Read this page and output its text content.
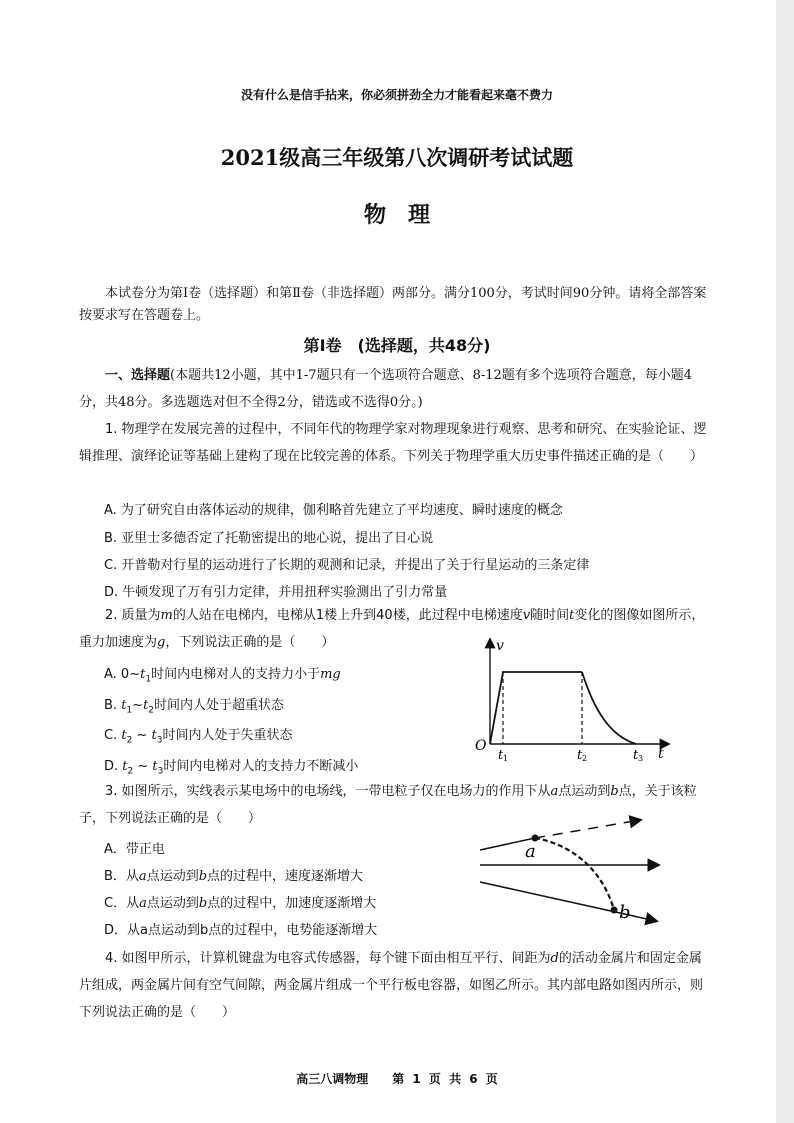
没有什么是信手拈来，你必须拼劲全力才能看起来毫不费力
2021级高三年级第八次调研考试试题
物　理
本试卷分为第Ⅰ卷（选择题）和第Ⅱ卷（非选择题）两部分。满分100分，考试时间90分钟。请将全部答案按要求写在答题卷上。
第Ⅰ卷　(选择题，共48分)
一、选择题(本题共12小题，其中1-7题只有一个选项符合题意、8-12题有多个选项符合题意，每小题4分，共48分。多选题选对但不全得2分，错选或不选得0分。)
1. 物理学在发展完善的过程中，不同年代的物理学家对物理现象进行观察、思考和研究、在实验论证、逻辑推理、演绎论证等基础上建构了现在比较完善的体系。下列关于物理学重大历史事件描述正确的是（　　）
A. 为了研究自由落体运动的规律，伽利略首先建立了平均速度、瞬时速度的概念
B. 亚里士多德否定了托勒密提出的地心说，提出了日心说
C. 开普勒对行星的运动进行了长期的观测和记录，并提出了关于行星运动的三条定律
D. 牛顿发现了万有引力定律，并用扭秤实验测出了引力常量
2. 质量为m的人站在电梯内，电梯从1楼上升到40楼，此过程中电梯速度v随时间t变化的图像如图所示，重力加速度为g，下列说法正确的是（　　）
A. $0\sim t_1$时间内电梯对人的支持力小于mg
B. $t_1\sim t_2$时间内人处于超重状态
C. $t_2$ ~ $t_3$时间内人处于失重状态
D. $t_2$ ~ $t_3$时间内电梯对人的支持力不断减小
v
t
O
t 1	t 2	t 3
3. 如图所示，实线表示某电场中的电场线，一带电粒子仅在电场力的作用下从a点运动到b点，关于该粒子，下列说法正确的是（　　）
A．带正电
B．从a点运动到b点的过程中，速度逐渐增大
C．从a点运动到b点的过程中，加速度逐渐增大
D．从a点运动到b点的过程中，电势能逐渐增大
a
b
4. 如图甲所示，计算机键盘为电容式传感器，每个键下面由相互平行、间距为d的活动金属片和固定金属片组成，两金属片间有空气间隙，两金属片组成一个平行板电容器，如图乙所示。其内部电路如图丙所示，则下列说法正确的是（　　）
高三八调物理　　第 1 页 共 6 页
